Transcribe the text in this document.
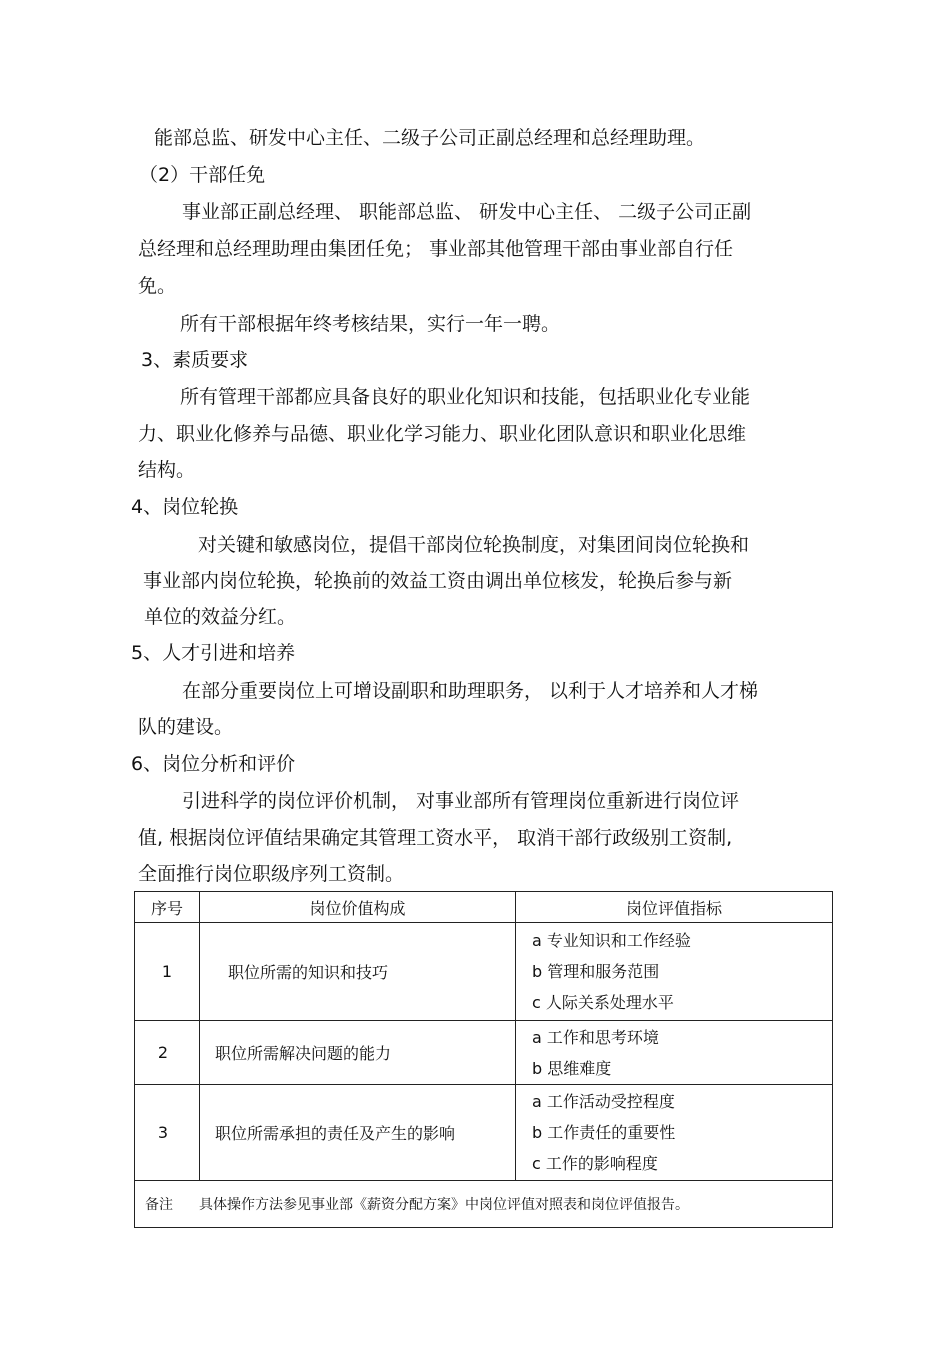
能部总监、研发中心主任、二级子公司正副总经理和总经理助理。

（2）干部任免

事业部正副总经理、 职能部总监、 研发中心主任、 二级子公司正副

总经理和总经理助理由集团任免； 事业部其他管理干部由事业部自行任

免。

所有干部根据年终考核结果，实行一年一聘。

3、素质要求

所有管理干部都应具备良好的职业化知识和技能，包括职业化专业能

力、职业化修养与品德、职业化学习能力、职业化团队意识和职业化思维

结构。

4、岗位轮换

对关键和敏感岗位，提倡干部岗位轮换制度，对集团间岗位轮换和

事业部内岗位轮换，轮换前的效益工资由调出单位核发，轮换后参与新

单位的效益分红。

5、人才引进和培养

在部分重要岗位上可增设副职和助理职务， 以利于人才培养和人才梯

队的建设。

6、岗位分析和评价

引进科学的岗位评价机制， 对事业部所有管理岗位重新进行岗位评

值, 根据岗位评值结果确定其管理工资水平， 取消干部行政级别工资制,

全面推行岗位职级序列工资制。

序号	岗位价值构成	岗位评值指标
1	职位所需的知识和技巧	a 专业知识和工作经验
b 管理和服务范围
c 人际关系处理水平

2	职位所需解决问题的能力	a 工作和思考环境
b 思维难度

3	职位所需承担的责任及产生的影响	a 工作活动受控程度
b 工作责任的重要性
c 工作的影响程度

备注 具体操作方法参见事业部《薪资分配方案》中岗位评值对照表和岗位评值报告。		
